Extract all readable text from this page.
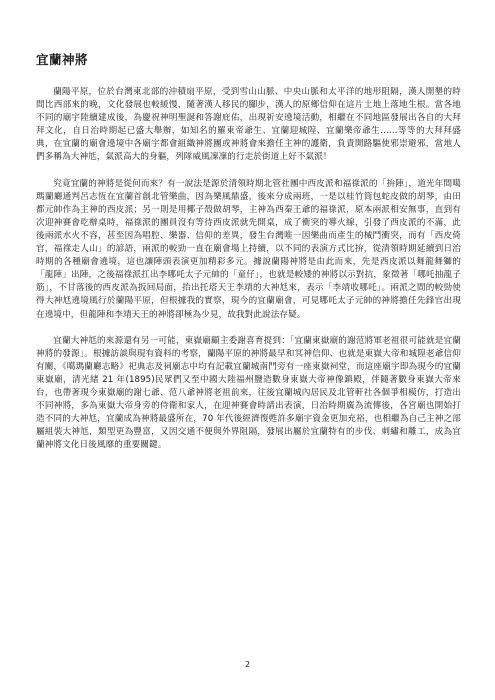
宜蘭神將

蘭陽平原，位於台灣東北部的沖積扇平原，受到雪山山脈、中央山脈和太平洋的地形阻隔，漢人開墾的時間比西部來的晚，文化發展也較緩慢，隨著漢人移民的腳步，漢人的原鄉信仰在這片土地上落地生根。當各地不同的廟宇陸續建成後，為慶祝神明聖誕和答謝庇佑，出現祈安遶境活動，相繼在不同地區發展出各自的大拜拜文化，自日治時期起已盛大舉辦，如知名的羅東帝爺生、宜蘭迎城隍、宜蘭樂帝爺生……等等的大拜拜盛典，在宜蘭的廟會遶境中各廟宇都會組織神將團或神將會來擔任主神的護衛，負責開路驅使邪崇避邪，當地人們多稱為大神尪，氣派高大的身軀，列隊威風凜凜的行走於街道上好不氣派！

究竟宜蘭的神將是從何而來？有一說法是源於清領時期北管社團中西皮派和福祿派的「拚陣」，道光年間噶瑪蘭廳通判呂志恆在宜蘭首創北管樂曲，因為樂風鼎盛，後來分成兩班，一是以桂竹筒包蛇皮做的胡琴，由田都元帥作為主神的西皮派；另一則是用椰子殼做胡琴，主神為西秦王爺的福祿派，原本兩派相安無事，直到有次迎神賽會吃辦桌時，福祿派的團員沒有等待西皮派就先開桌，成了衝突的導火線，引發了西皮派的不滿，此後兩派水火不容，甚至因為唱腔、樂器、信仰的差異，發生台灣唯一因樂曲而產生的械鬥衝突，而有「西皮倚官，福祿走人山」的諺語，兩派的較勁一直在廟會場上持續，以不同的表演方式比拚，從清領時期延續到日治時期的各種廟會遶境，這也讓陣頭表演更加精彩多元。據說蘭陽神將是由此而來，先是西皮派以舞龍舞獅的「龍陣」出陣，之後福祿派扛出李哪吒太子元帥的「童仔」，也就是較矮的神將以示對抗，象徵著「哪吒抽龍子筋」，不甘落後的西皮派為扳回局面，抬出托塔天王李靖的大神尪來，表示「李靖收哪吒」。兩派之間的較勁使得大神尪遶境風行於蘭陽平原，但根據我的實察，現今的宜蘭廟會，可見哪吒太子元帥的神將擔任先鋒官出現在遶境中，但龍陣和李靖天王的神將卻極為少見，故我對此說法存疑。

宜蘭大神尪的來源還有另一可能，東嶽廟顧主委謝喜育提到：「宜蘭東嶽廟的謝范將軍老祖很可能就是宜蘭神將的發源」。根據訪談與現有資料的考察，蘭陽平原的神將最早和冥神信仰、也就是東嶽大帝和城隍老爺信仰有關，《噶瑪蘭廳志略》祀典志及祠廟志中均有記載宜蘭城南門旁有一座東嶽祠堂，而這座廟宇即為現今的宜蘭東嶽廟，清光緒 21 年(1895)民眾們又至中國大陸福州鹽造數身東嶽大帝神像鎮殿，伴隨著數身東嶽大帝來台，也帶著現今東嶽廟的謝七爺、范八爺神將老祖前來，往後宜蘭城內居民及北管軒社各個爭相模仿，打造出不同神將，多為東嶽大帝身旁的侍衛和家人，在迎神賽會時請出表演，日治時期廣為流傳後，各宮廟也開始打造不同的大神尪，宜蘭成為神將最盛所在，70 年代後經濟復甦許多廟宇資金更加充裕，也相繼為自己主神之部屬組裝大神尪，類型更為豐富，又因交通不便與外界阻隔，發展出屬於宜蘭特有的步伐、刺繡和雕工，成為宜蘭神將文化日後風靡的重要關鍵。

2
